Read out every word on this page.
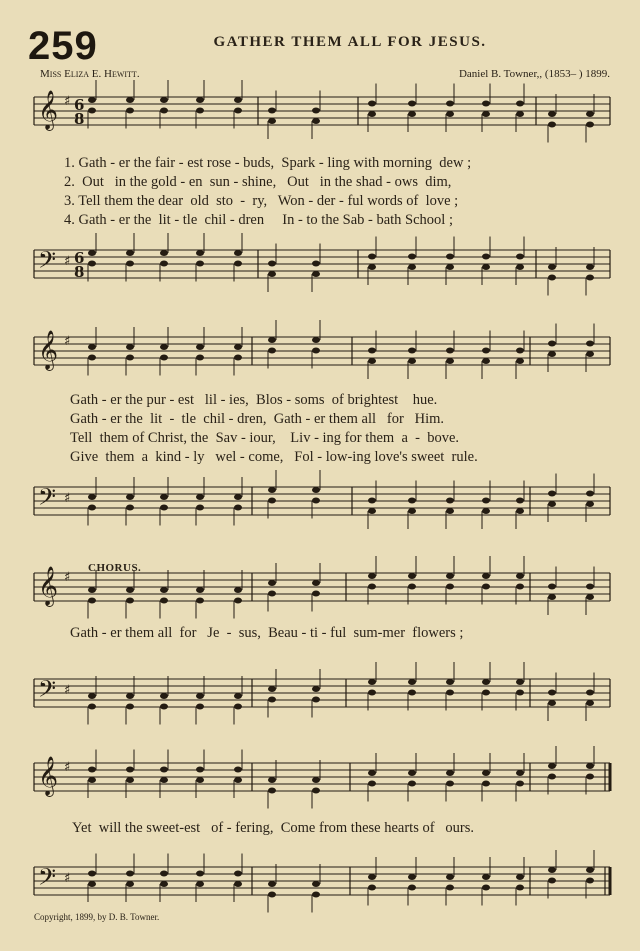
259	GATHER THEM ALL FOR JESUS.
Miss Eliza E. Hewitt.	Daniel B. Towner,, (1853– ) 1899.
𝄞 ♯ 6
8
𝄢 ♯ 6
8
𝄞 ♯
𝄢 ♯
𝄞 ♯
𝄢 ♯
𝄞 ♯
𝄢 ♯
1. Gath - er the fair - est rose - buds,  Spark - ling with morning  dew ;
2.  Out   in the gold - en  sun - shine,   Out   in the shad - ows  dim,
3. Tell them the dear  old  sto  -  ry,   Won - der - ful words of  love ;
4. Gath - er the  lit - tle  chil - dren     In - to the Sab - bath School ;
Gath - er the pur - est   lil - ies,  Blos - soms  of brightest    hue.
Gath - er the  lit  -  tle  chil - dren,  Gath - er them all   for   Him.
Tell  them of Christ, the  Sav - iour,    Liv - ing for them  a  -  bove.
Give  them  a  kind - ly   wel - come,   Fol - low-ing love's sweet  rule.
CHORUS.
Gath - er them all  for   Je  -  sus,  Beau - ti - ful  sum-mer  flowers ;
Yet  will the sweet-est   of - fering,  Come from these hearts of   ours.
Copyright, 1899, by D. B. Towner.
